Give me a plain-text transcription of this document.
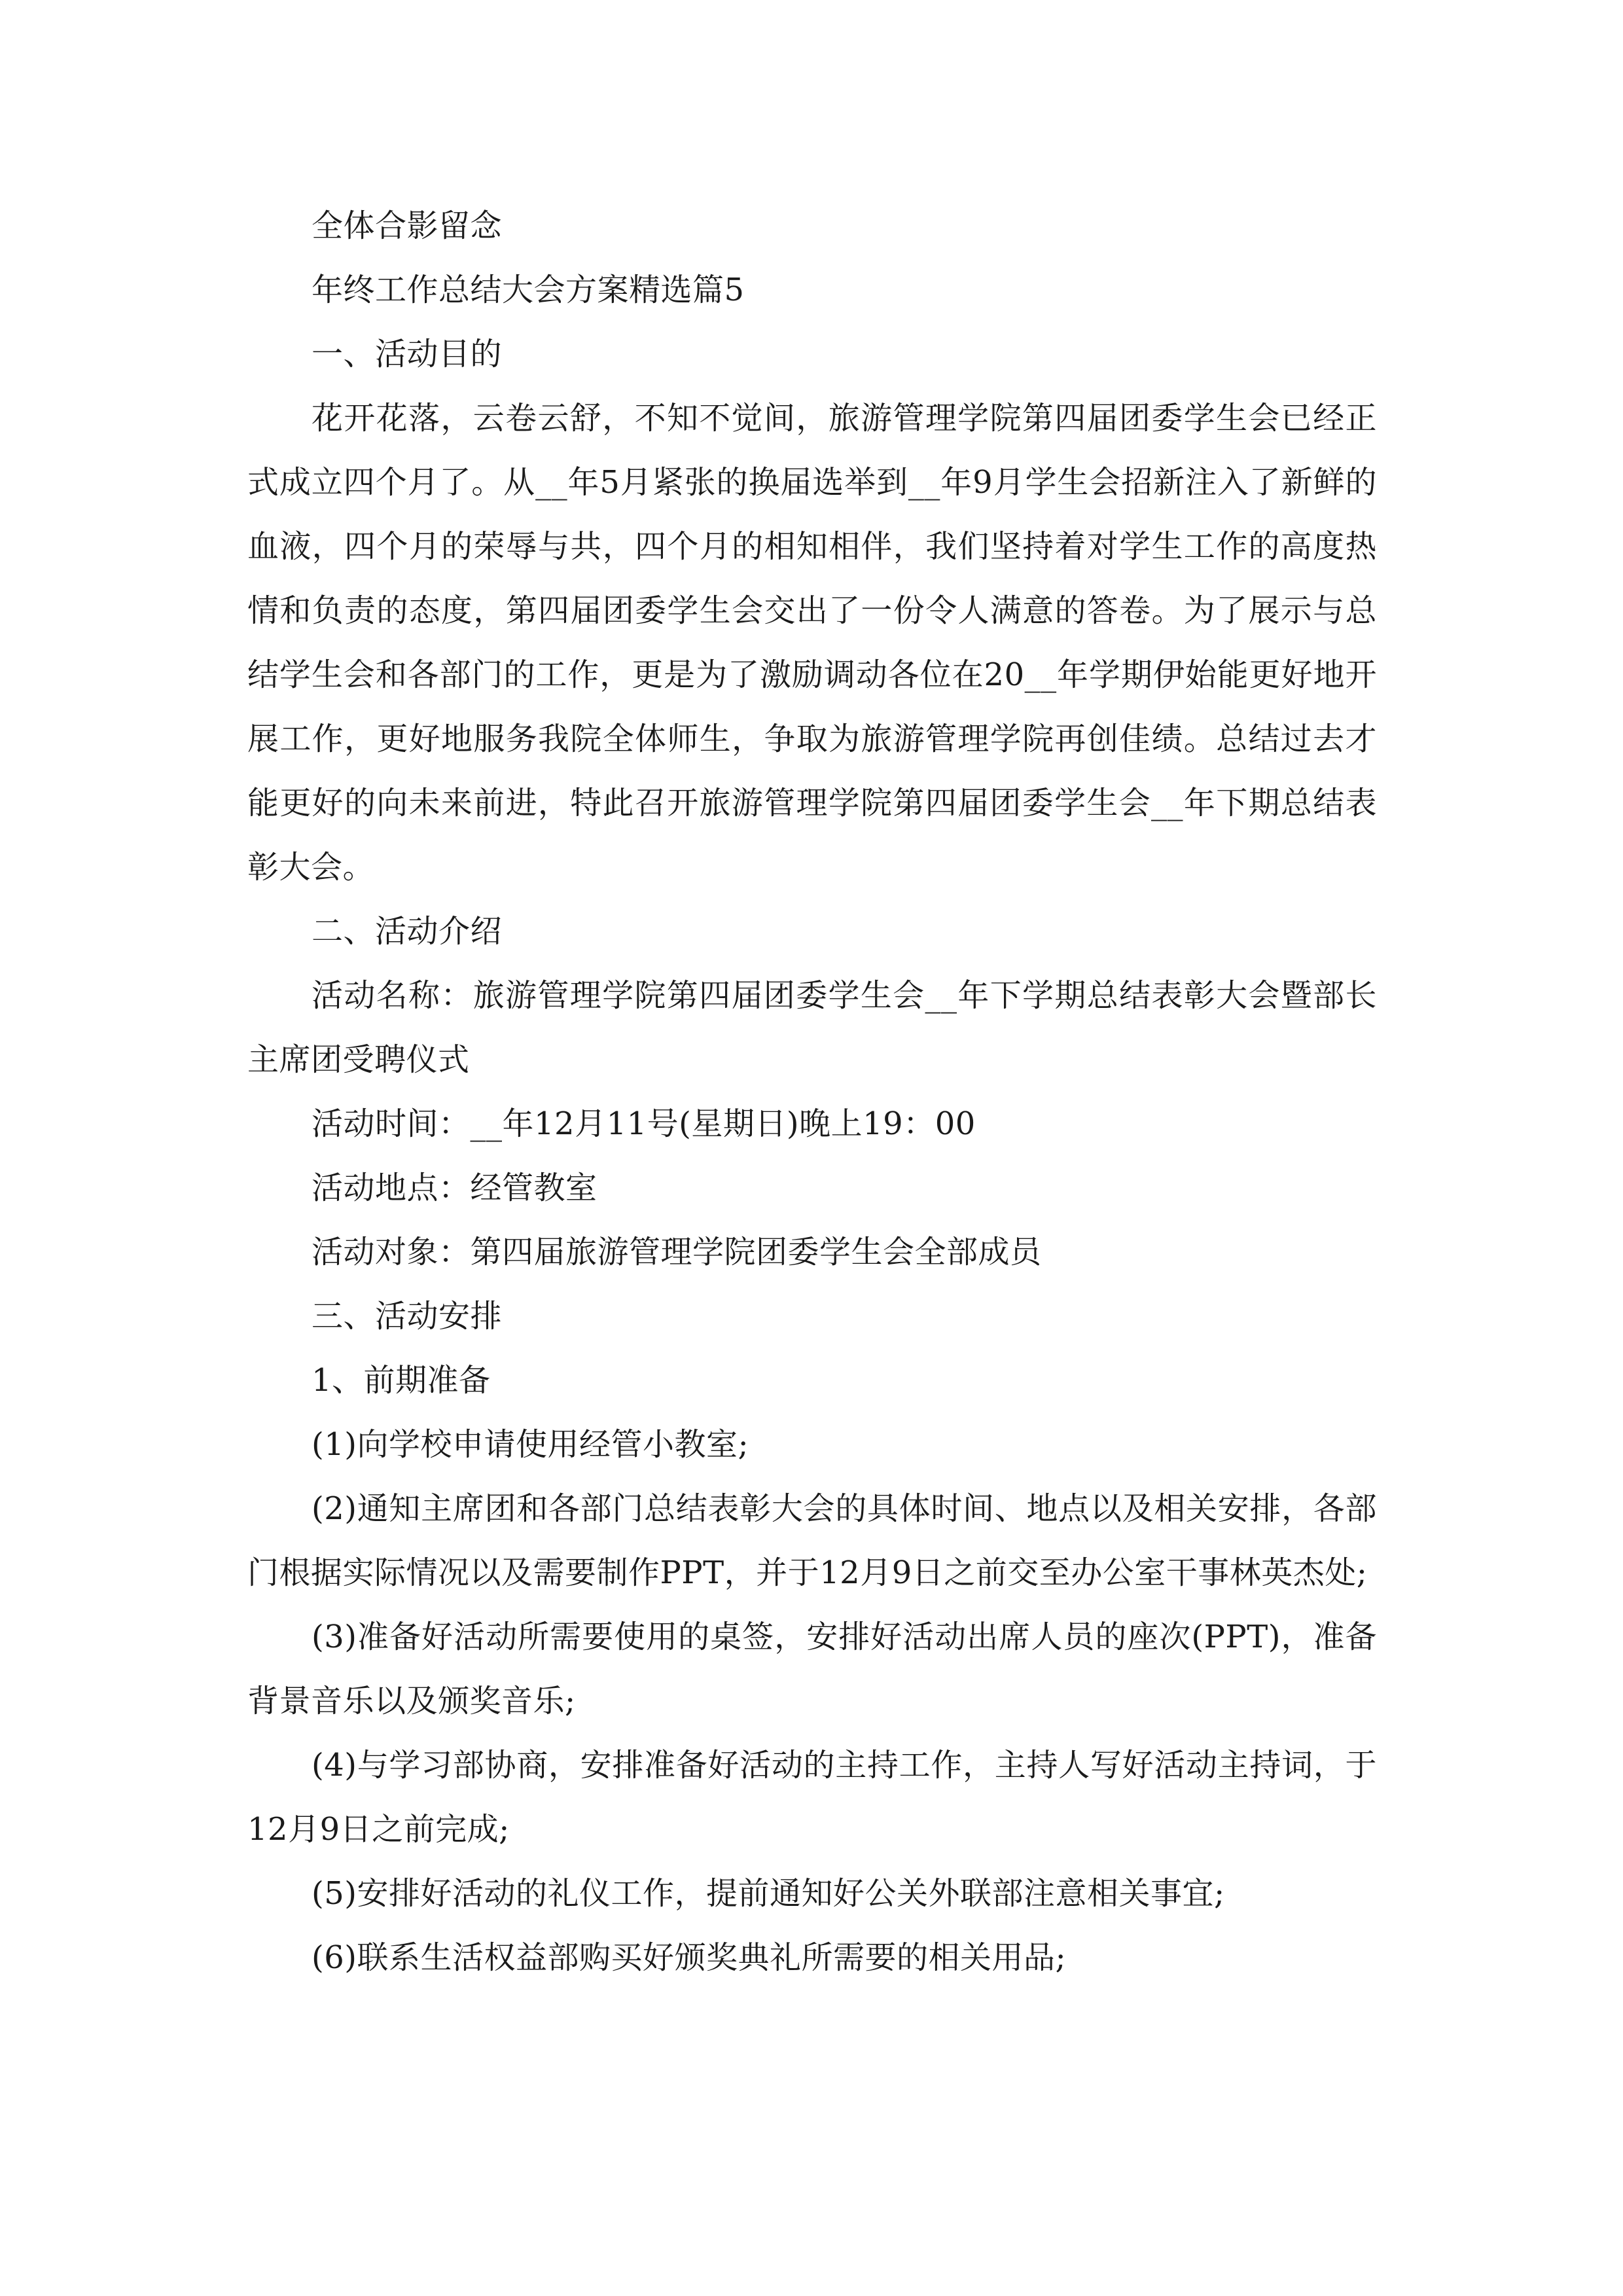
全体合影留念

年终工作总结大会方案精选篇5

一、活动目的

花开花落，云卷云舒，不知不觉间，旅游管理学院第四届团委学生会已经正式成立四个月了。从__年5月紧张的换届选举到__年9月学生会招新注入了新鲜的血液，四个月的荣辱与共，四个月的相知相伴，我们坚持着对学生工作的高度热情和负责的态度，第四届团委学生会交出了一份令人满意的答卷。为了展示与总结学生会和各部门的工作，更是为了激励调动各位在20__年学期伊始能更好地开展工作，更好地服务我院全体师生，争取为旅游管理学院再创佳绩。总结过去才能更好的向未来前进，特此召开旅游管理学院第四届团委学生会__年下期总结表彰大会。

二、活动介绍

活动名称：旅游管理学院第四届团委学生会__年下学期总结表彰大会暨部长主席团受聘仪式

活动时间：__年12月11号(星期日)晚上19：00

活动地点：经管教室

活动对象：第四届旅游管理学院团委学生会全部成员

三、活动安排

1、前期准备

(1)向学校申请使用经管小教室;

(2)通知主席团和各部门总结表彰大会的具体时间、地点以及相关安排，各部门根据实际情况以及需要制作PPT，并于12月9日之前交至办公室干事林英杰处;

(3)准备好活动所需要使用的桌签，安排好活动出席人员的座次(PPT)，准备背景音乐以及颁奖音乐;

(4)与学习部协商，安排准备好活动的主持工作，主持人写好活动主持词，于12月9日之前完成;

(5)安排好活动的礼仪工作，提前通知好公关外联部注意相关事宜;

(6)联系生活权益部购买好颁奖典礼所需要的相关用品;
